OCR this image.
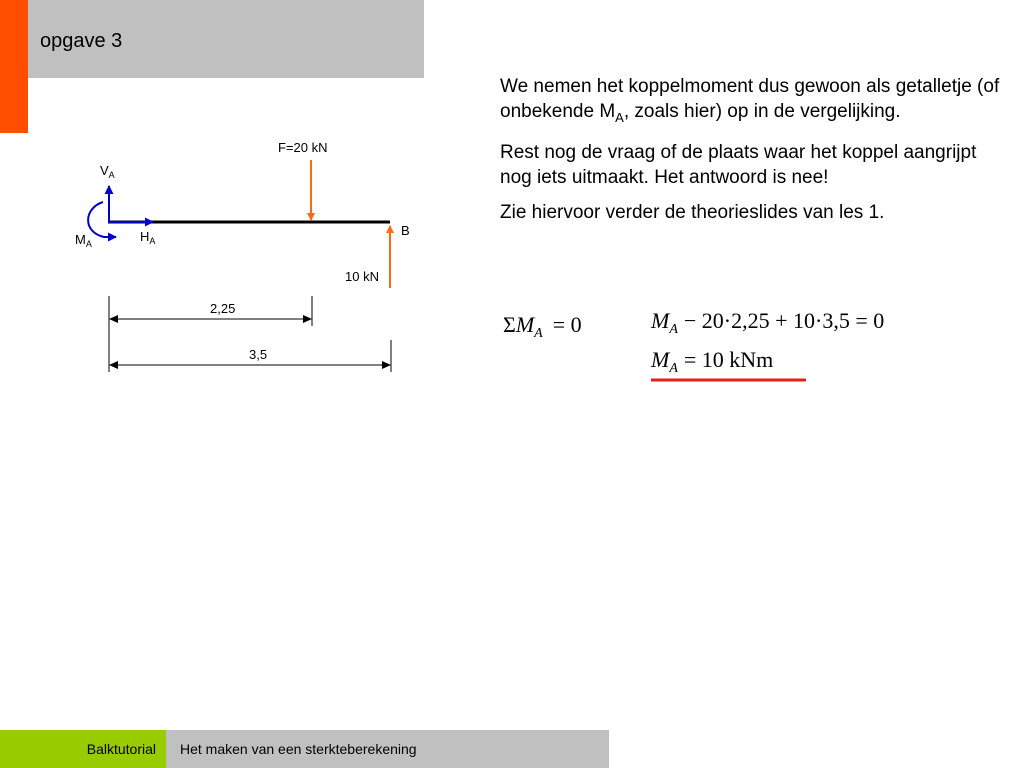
opgave 3

We nemen het koppelmoment dus gewoon als getalletje (of onbekende $M_A$, zoals hier) op in de vergelijking.

Rest nog de vraag of de plaats waar het koppel aangrijpt nog iets uitmaakt. Het antwoord is nee!

Zie hiervoor verder de theorieslides van les 1.

F=20 kN
10 kN
B
$V_A$
$H_A$
$M_A$
2,25
3,5
$\Sigma M_A = 0$	$M_A - 20\cdot 2,25 + 10\cdot 3,5 = 0$
$M_A = 10$ kNm
Balktutorial Het maken van een sterkteberekening
